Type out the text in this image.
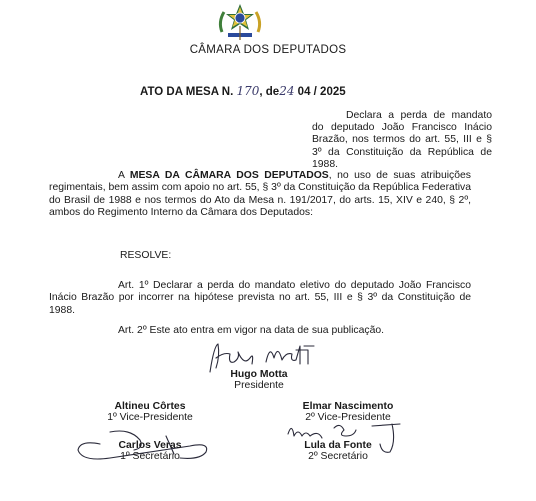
CÂMARA DOS DEPUTADOS
ATO DA MESA N. 170, de24 04 / 2025
Declara a perda de mandato do deputado João Francisco Inácio Brazão, nos termos do art. 55, III e § 3º da Constituição da República de 1988.
A MESA DA CÂMARA DOS DEPUTADOS, no uso de suas atribuições regimentais, bem assim com apoio no art. 55, § 3º da Constituição da República Federativa do Brasil de 1988 e nos termos do Ato da Mesa n. 191/2017, do arts. 15, XIV e 240, § 2º, ambos do Regimento Interno da Câmara dos Deputados:
RESOLVE:
Art. 1º Declarar a perda do mandato eletivo do deputado João Francisco Inácio Brazão por incorrer na hipótese prevista no art. 55, III e § 3º da Constituição de 1988.
Art. 2º Este ato entra em vigor na data de sua publicação.
Hugo Motta
Presidente
Altineu Côrtes
1º Vice-Presidente
Elmar Nascimento
2º Vice-Presidente
Carlos Veras
1º Secretário
Lula da Fonte
2º Secretário
